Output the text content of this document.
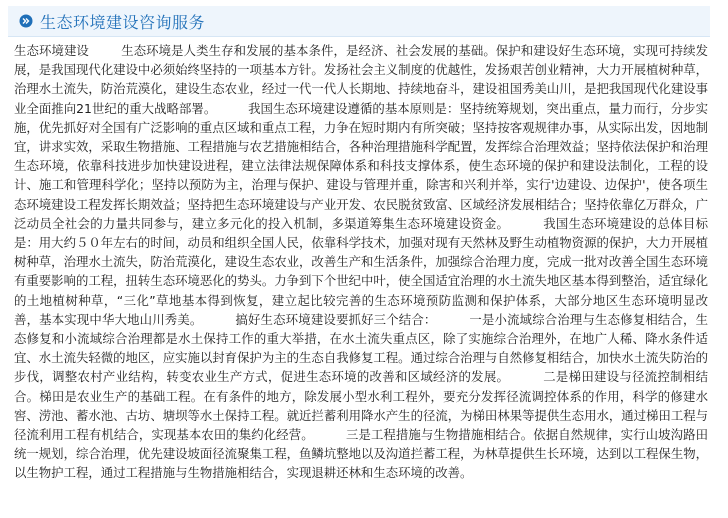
生态环境建设咨询服务

生态环境建设        生态环境是人类生存和发展的基本条件，是经济、社会发展的基础。保护和建设好生态环境，实现可持续发展，是我国现代化建设中必须始终坚持的一项基本方针。发扬社会主义制度的优越性，发扬艰苦创业精神，大力开展植树种草，治理水土流失，防治荒漠化，建设生态农业，经过一代一代人长期地、持续地奋斗，建设祖国秀美山川，是把我国现代化建设事业全面推向21世纪的重大战略部署。        我国生态环境建设遵循的基本原则是：坚持统筹规划，突出重点，量力而行，分步实施，优先抓好对全国有广泛影响的重点区域和重点工程，力争在短时期内有所突破；坚持按客观规律办事，从实际出发，因地制宜，讲求实效，采取生物措施、工程措施与农艺措施相结合，各种治理措施科学配置，发挥综合治理效益；坚持依法保护和治理生态环境，依靠科技进步加快建设进程，建立法律法规保障体系和科技支撑体系，使生态环境的保护和建设法制化，工程的设计、施工和管理科学化；坚持以预防为主，治理与保护、建设与管理并重，除害和兴利并举，实行'边建设、边保护'，使各项生态环境建设工程发挥长期效益；坚持把生态环境建设与产业开发、农民脱贫致富、区域经济发展相结合；坚持依靠亿万群众，广泛动员全社会的力量共同参与，建立多元化的投入机制，多渠道筹集生态环境建设资金。        我国生态环境建设的总体目标是：用大约５０年左右的时间，动员和组织全国人民，依靠科学技术，加强对现有天然林及野生动植物资源的保护，大力开展植树种草，治理水土流失，防治荒漠化，建设生态农业，改善生产和生活条件，加强综合治理力度，完成一批对改善全国生态环境有重要影响的工程，扭转生态环境恶化的势头。力争到下个世纪中叶，使全国适宜治理的水土流失地区基本得到整治，适宜绿化的土地植树种草，“三化”草地基本得到恢复，建立起比较完善的生态环境预防监测和保护体系，大部分地区生态环境明显改善，基本实现中华大地山川秀美。        搞好生态环境建设要抓好三个结合：        一是小流域综合治理与生态修复相结合，生态修复和小流域综合治理都是水土保持工作的重大举措，在水土流失重点区，除了实施综合治理外，在地广人稀、降水条件适宜、水土流失轻微的地区，应实施以封育保护为主的生态自我修复工程。通过综合治理与自然修复相结合，加快水土流失防治的步伐，调整农村产业结构，转变农业生产方式，促进生态环境的改善和区域经济的发展。        二是梯田建设与径流控制相结合。梯田是农业生产的基础工程。在有条件的地方，除发展小型水利工程外，要充分发挥径流调控体系的作用，科学的修建水窖、涝池、蓄水池、古坊、塘坝等水土保持工程。就近拦蓄利用降水产生的径流，为梯田林果等提供生态用水，通过梯田工程与径流利用工程有机结合，实现基本农田的集约化经营。        三是工程措施与生物措施相结合。依据自然规律，实行山坡沟路田统一规划，综合治理，优先建设坡面径流聚集工程，鱼鳞坑整地以及沟道拦蓄工程，为林草提供生长环境，达到以工程保生物，以生物护工程，通过工程措施与生物措施相结合，实现退耕还林和生态环境的改善。
